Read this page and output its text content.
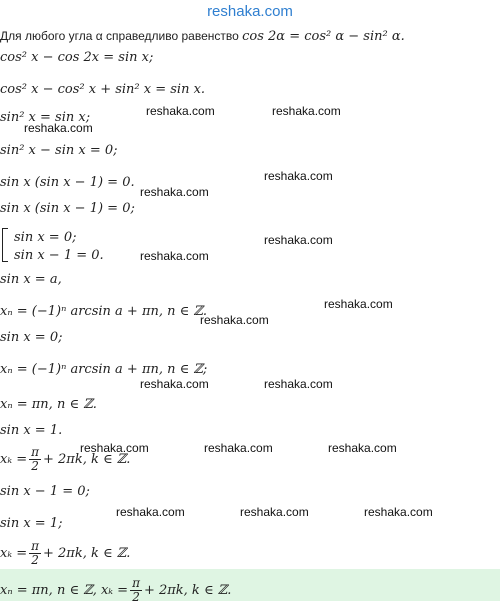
reshaka.com
Для любого угла α справедливо равенство cos 2α = cos² α − sin² α.
cos² x − cos 2x = sin x;
cos² x − cos² x + sin² x = sin x.
sin² x = sin x;
sin² x − sin x = 0;
sin x (sin x − 1) = 0.
sin x (sin x − 1) = 0;
sin x = 0;
sin x − 1 = 0.
sin x = a,
xₙ = (−1)ⁿ arcsin a + πn, n ∈ ℤ.
sin x = 0;
xₙ = (−1)ⁿ arcsin a + πn, n ∈ ℤ;
xₙ = πn, n ∈ ℤ.
sin x = 1.
$x_k = \frac{\pi}{2} + 2\pi k$, k ∈ ℤ.
sin x − 1 = 0;
sin x = 1;
$x_k = \frac{\pi}{2} + 2\pi k$, k ∈ ℤ.
xₙ = πn, n ∈ ℤ, $x_k = \frac{\pi}{2} + 2\pi k$, k ∈ ℤ.
reshaka.com	reshaka.com
reshaka.com
reshaka.com
reshaka.com
reshaka.com
reshaka.com
reshaka.com
reshaka.com
reshaka.com	reshaka.com
reshaka.com	reshaka.com	reshaka.com
reshaka.com	reshaka.com	reshaka.com
